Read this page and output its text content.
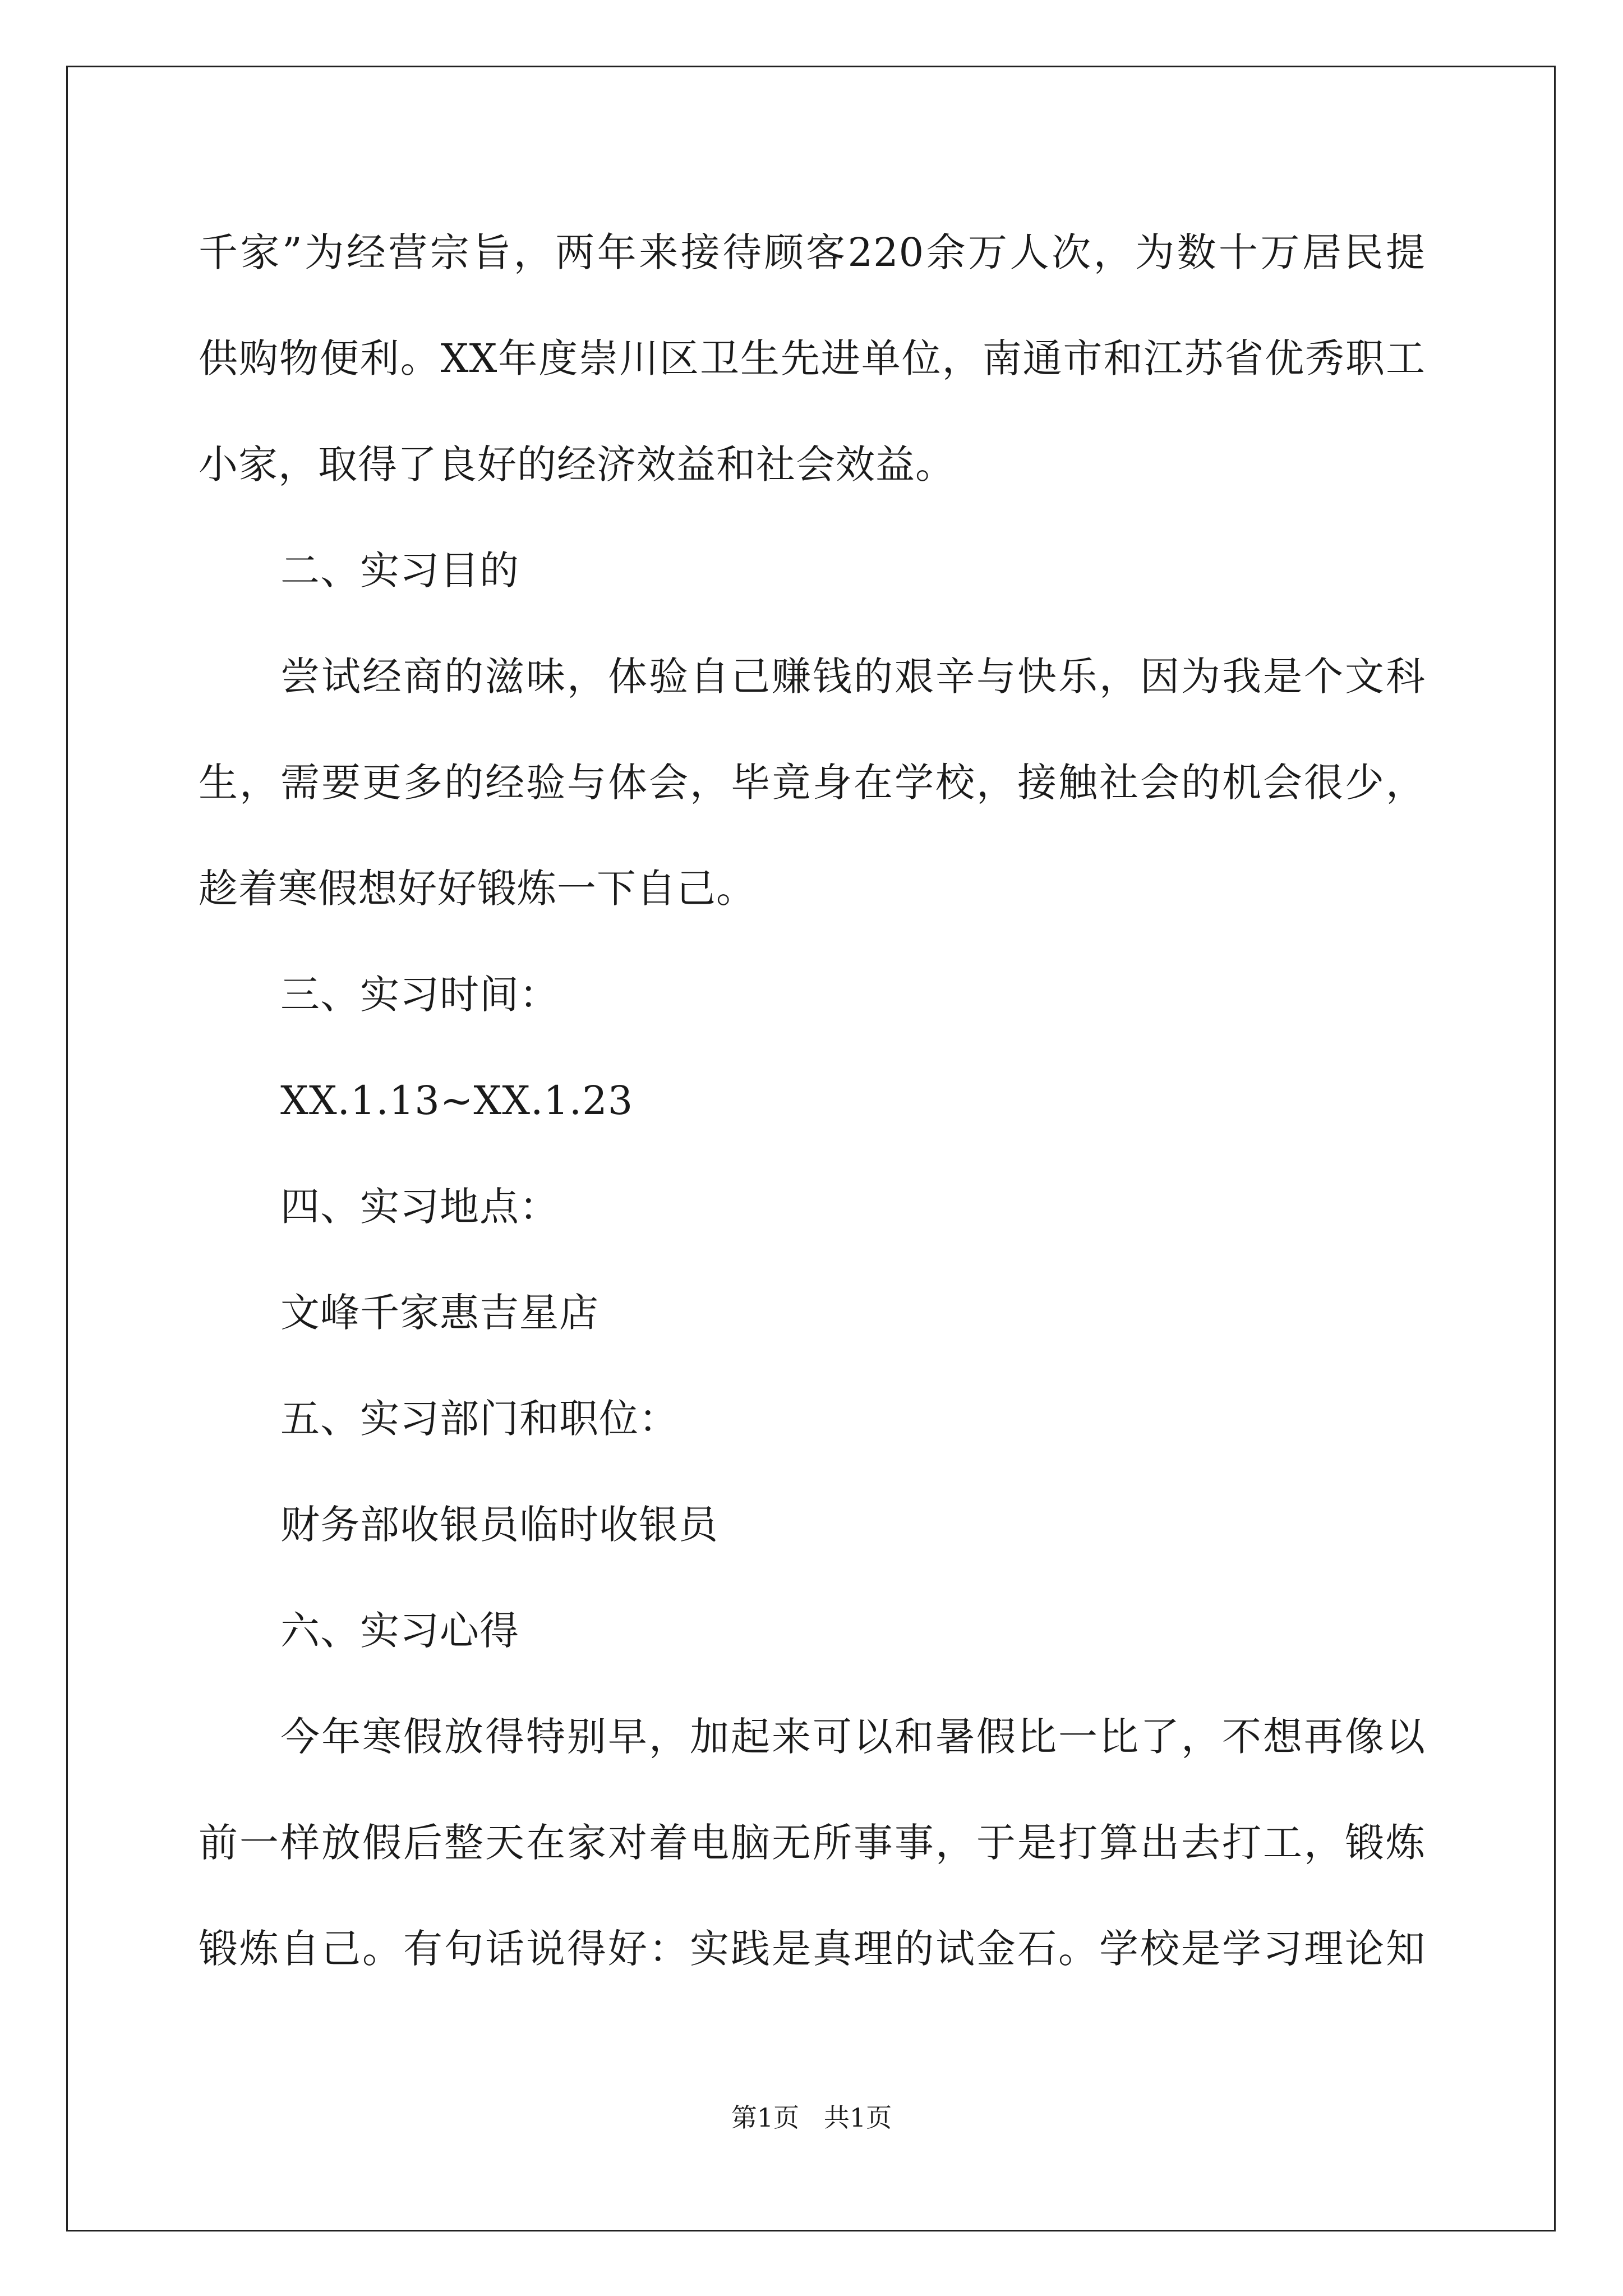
千家”为经营宗旨，两年来接待顾客220余万人次，为数十万居民提
供购物便利。XX年度崇川区卫生先进单位，南通市和江苏省优秀职工
小家，取得了良好的经济效益和社会效益。
二、实习目的
尝试经商的滋味，体验自己赚钱的艰辛与快乐，因为我是个文科
生，需要更多的经验与体会，毕竟身在学校，接触社会的机会很少，
趁着寒假想好好锻炼一下自己。
三、实习时间：
XX.1.13~XX.1.23
四、实习地点：
文峰千家惠吉星店
五、实习部门和职位：
财务部收银员临时收银员
六、实习心得
今年寒假放得特别早，加起来可以和暑假比一比了，不想再像以
前一样放假后整天在家对着电脑无所事事，于是打算出去打工，锻炼
锻炼自己。有句话说得好：实践是真理的试金石。学校是学习理论知
第1页   共1页
